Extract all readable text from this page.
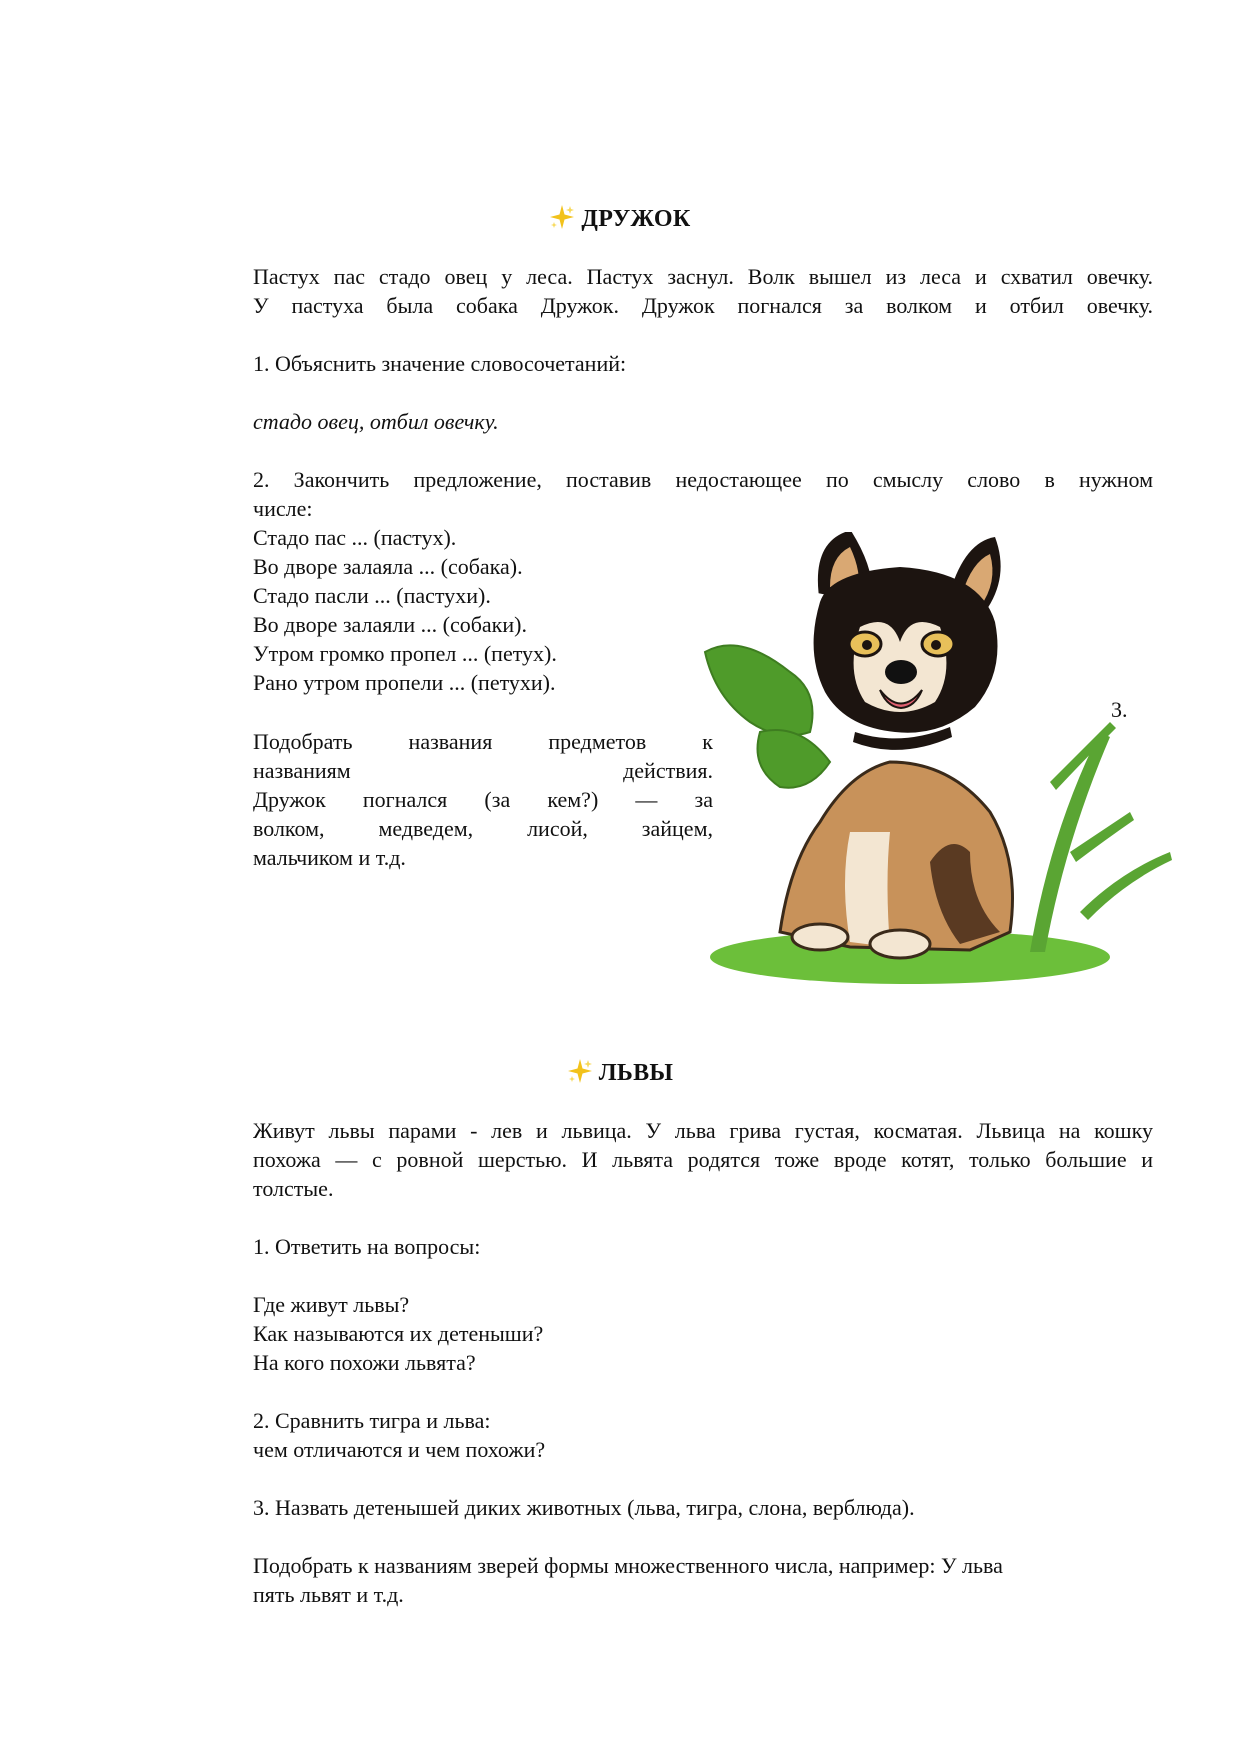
ДРУЖОК
Пастух пас стадо овец у леса. Пастух заснул. Волк вышел из леса и схватил овечку.
У пастуха была собака Дружок. Дружок погнался за волком и отбил овечку.
1. Объяснить значение словосочетаний:
стадо овец, отбил овечку.
2. Закончить предложение, поставив недостающее по смыслу слово в нужном
числе:
Стадо пас ... (пастух).
Во дворе залаяла ... (собака).
Стадо пасли ... (пастухи).
Во дворе залаяли ... (собаки).
Утром громко пропел ... (петух).
Рано утром пропели ... (петухи).
3.
Подобрать названия предметов к
названиям действия.
Дружок погнался (за кем?) — за
волком, медведем, лисой, зайцем,
мальчиком и т.д.
ЛЬВЫ
Живут львы парами - лев и львица. У льва грива густая, косматая. Львица на кошку
похожа — с ровной шерстью. И львята родятся тоже вроде котят, только большие и
толстые.
1. Ответить на вопросы:
Где живут львы?
Как называются их детеныши?
На кого похожи львята?
2. Сравнить тигра и льва:
чем отличаются и чем похожи?
3. Назвать детенышей диких животных (льва, тигра, слона, верблюда).
Подобрать к названиям зверей формы множественного числа, например: У льва
пять львят и т.д.
